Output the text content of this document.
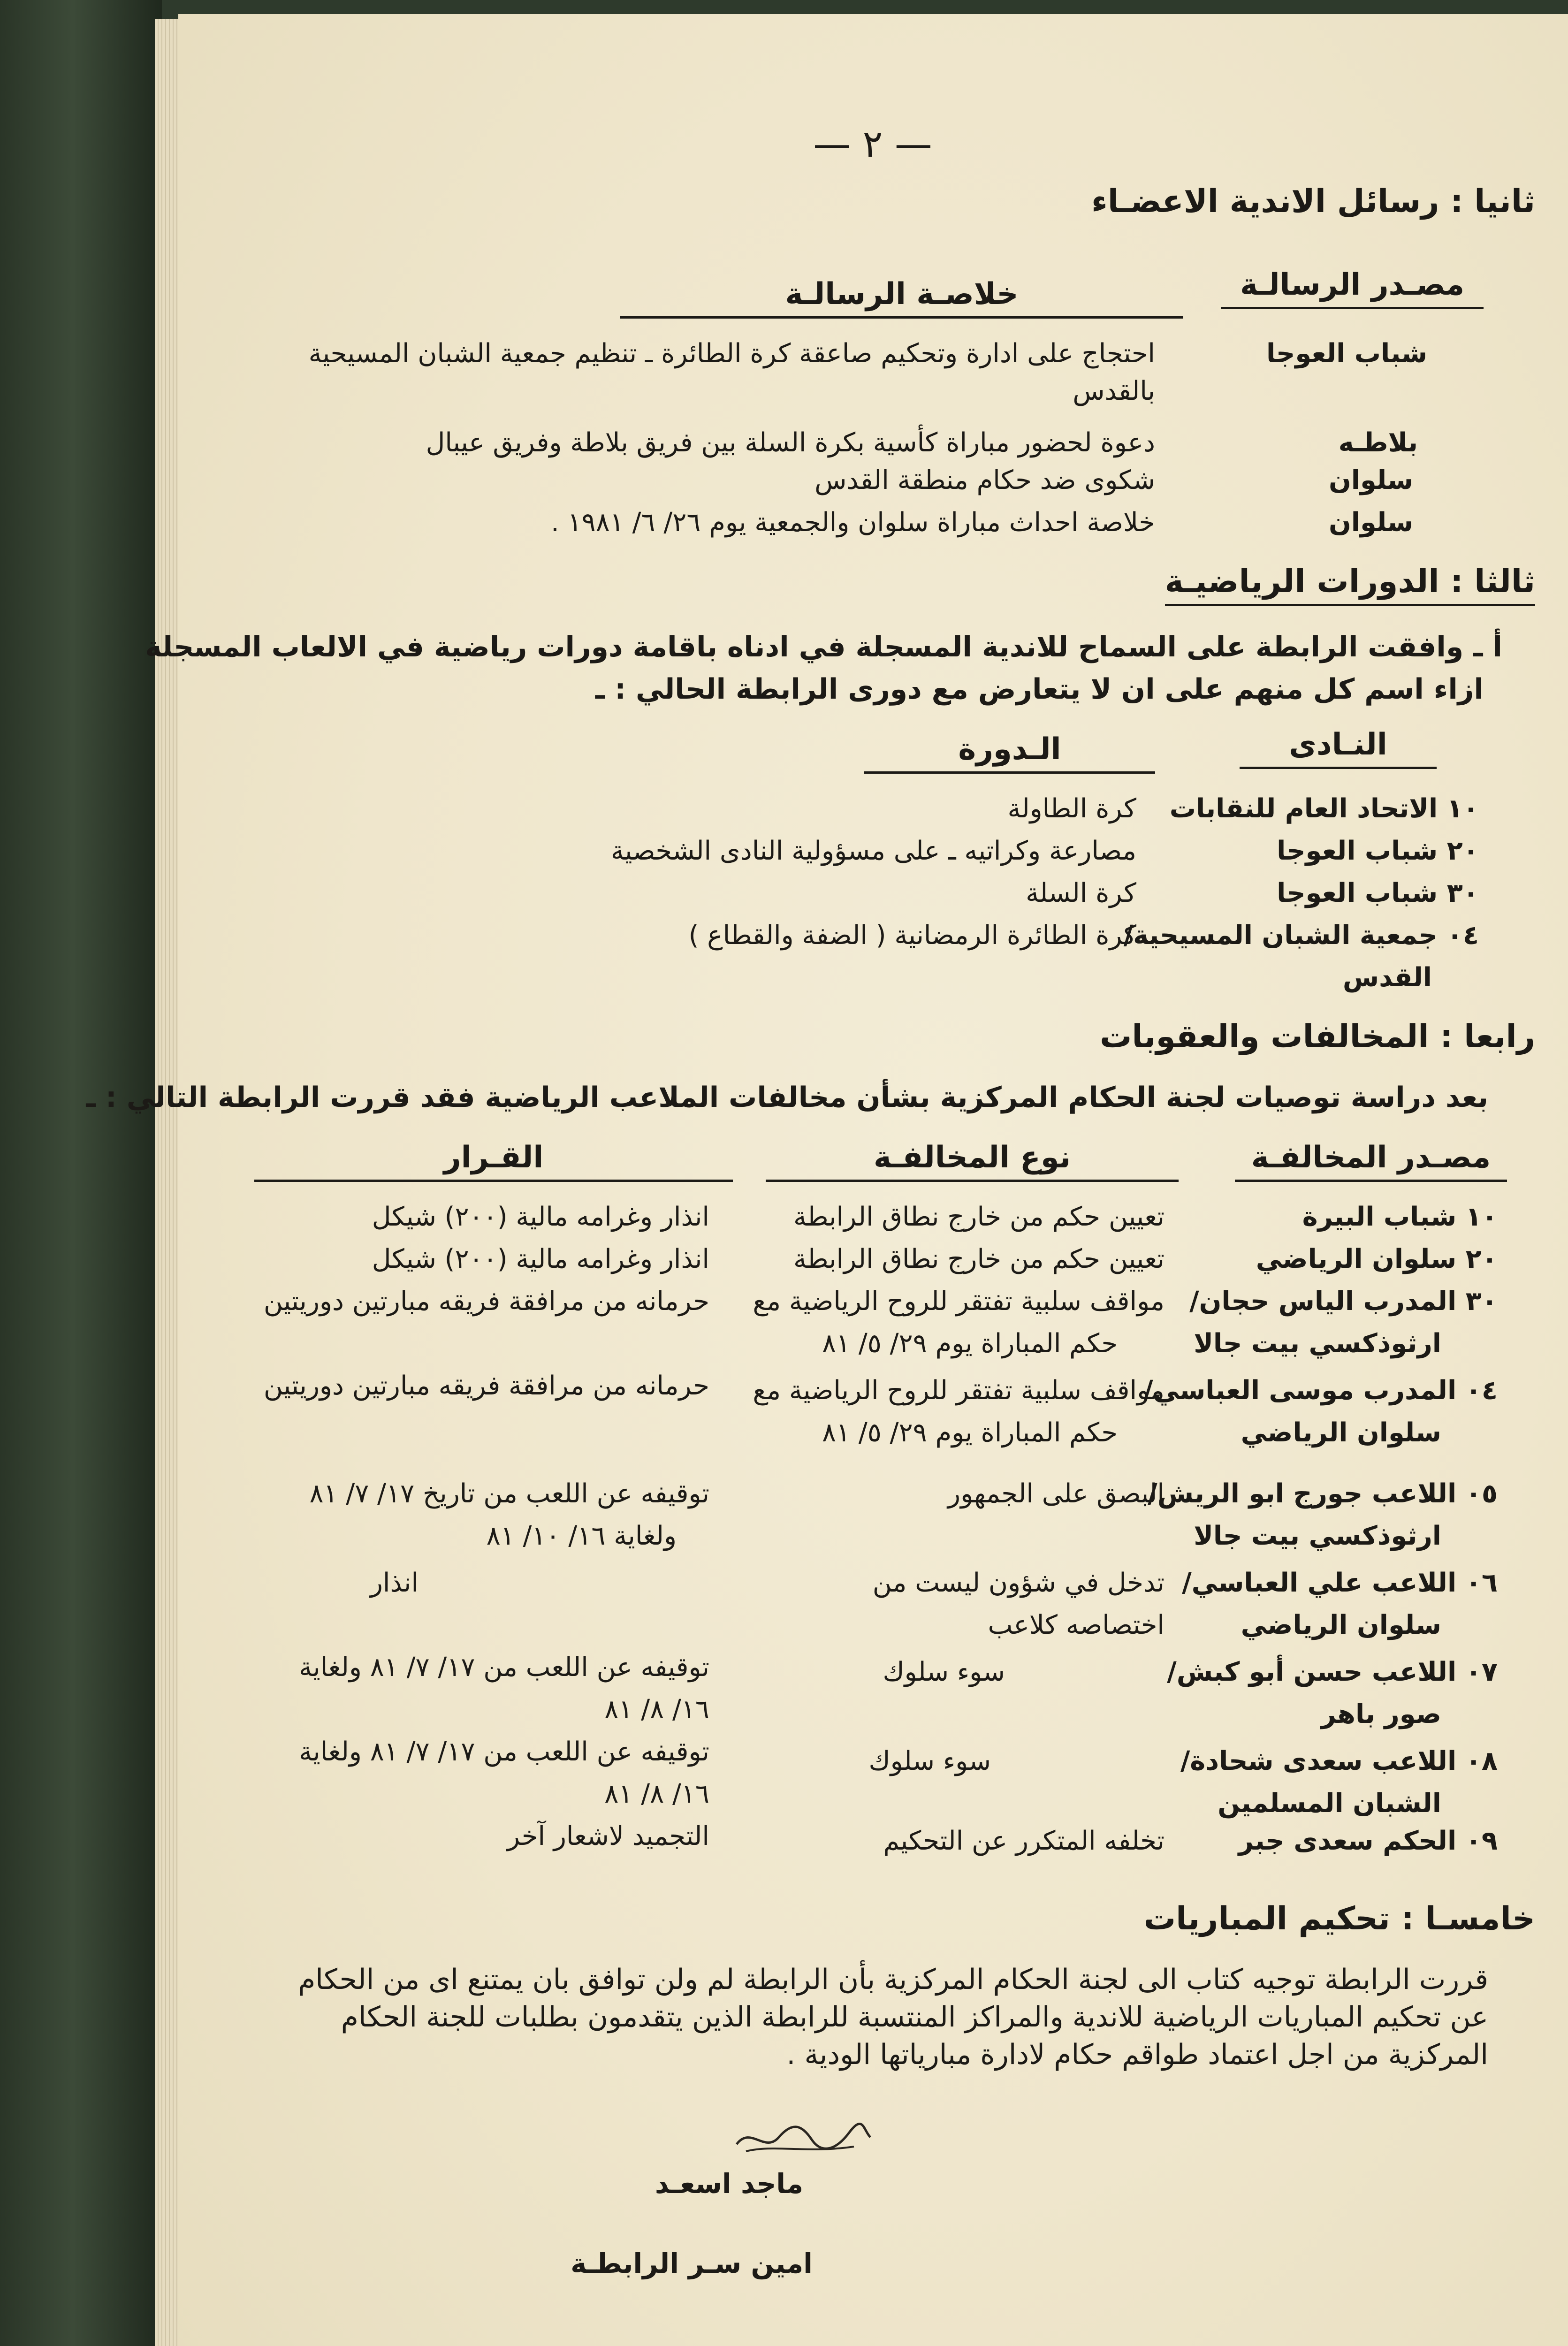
— ٢ —
ثانيا : رسائل الاندية الاعضـاء
مصـدر الرسالـة
خلاصـة الرسالـة
شباب العوجا
احتجاج على ادارة وتحكيم صاعقة كرة الطائرة ـ تنظيم جمعية الشبان المسيحية
بالقدس
بلاطـه
دعوة لحضور مباراة كأسية بكرة السلة بين فريق بلاطة وفريق عيبال
سلوان
شكوى ضد حكام منطقة القدس
سلوان
خلاصة احداث مباراة سلوان والجمعية يوم ٢٦/ ٦/ ١٩٨١ .
ثالثا : الدورات الرياضيـة
أ ـ وافقت الرابطة على السماح للاندية المسجلة في ادناه باقامة دورات رياضية في الالعاب المسجلة
ازاء اسم كل منهم على ان لا يتعارض مع دورى الرابطة الحالي : ـ
النـادى
الـدورة
١٠ الاتحاد العام للنقابات
كرة الطاولة
٢٠ شباب العوجا
مصارعة وكراتيه ـ على مسؤولية النادى الشخصية
٣٠ شباب العوجا
كرة السلة
٠٤ جمعية الشبان المسيحية/
كرة الطائرة الرمضانية ( الضفة والقطاع )
القدس
رابعا : المخالفات والعقوبات
بعد دراسة توصيات لجنة الحكام المركزية بشأن مخالفات الملاعب الرياضية فقد قررت الرابطة التالي : ـ
مصـدر المخالفـة
نوع المخالفـة
القـرار
١٠ شباب البيرة
تعيين حكم من خارج نطاق الرابطة
انذار وغرامه مالية (٢٠٠) شيكل
٢٠ سلوان الرياضي
تعيين حكم من خارج نطاق الرابطة
انذار وغرامه مالية (٢٠٠) شيكل
٣٠ المدرب الياس حجان/
ارثوذكسي بيت جالا
مواقف سلبية تفتقر للروح الرياضية مع
حكم المباراة يوم ٢٩/ ٥/ ٨١
حرمانه من مرافقة فريقه مبارتين دوريتين
٠٤ المدرب موسى العباسي/
سلوان الرياضي
مواقف سلبية تفتقر للروح الرياضية مع
حكم المباراة يوم ٢٩/ ٥/ ٨١
حرمانه من مرافقة فريقه مبارتين دوريتين
٠٥ اللاعب جورج ابو الريش/
ارثوذكسي بيت جالا
البصق على الجمهور
توقيفه عن اللعب من تاريخ ١٧/ ٧/ ٨١
ولغاية ١٦/ ١٠/ ٨١
٠٦ اللاعب علي العباسي/
سلوان الرياضي
تدخل في شؤون ليست من
اختصاصه كلاعب
انذار
٠٧ اللاعب حسن أبو كبش/
صور باهر
سوء سلوك
توقيفه عن اللعب من ١٧/ ٧/ ٨١ ولغاية
١٦/ ٨/ ٨١
٠٨ اللاعب سعدى شحادة/
الشبان المسلمين
سوء سلوك
توقيفه عن اللعب من ١٧/ ٧/ ٨١ ولغاية
١٦/ ٨/ ٨١
٠٩ الحكم سعدى جبر
تخلفه المتكرر عن التحكيم
التجميد لاشعار آخر
خامسـا : تحكيم المباريات
قررت الرابطة توجيه كتاب الى لجنة الحكام المركزية بأن الرابطة لم ولن توافق بان يمتنع اى من الحكام
عن تحكيم المباريات الرياضية للاندية والمراكز المنتسبة للرابطة الذين يتقدمون بطلبات للجنة الحكام
المركزية من اجل اعتماد طواقم حكام لادارة مبارياتها الودية .
ماجد اسعـد
امين سـر الرابطـة
